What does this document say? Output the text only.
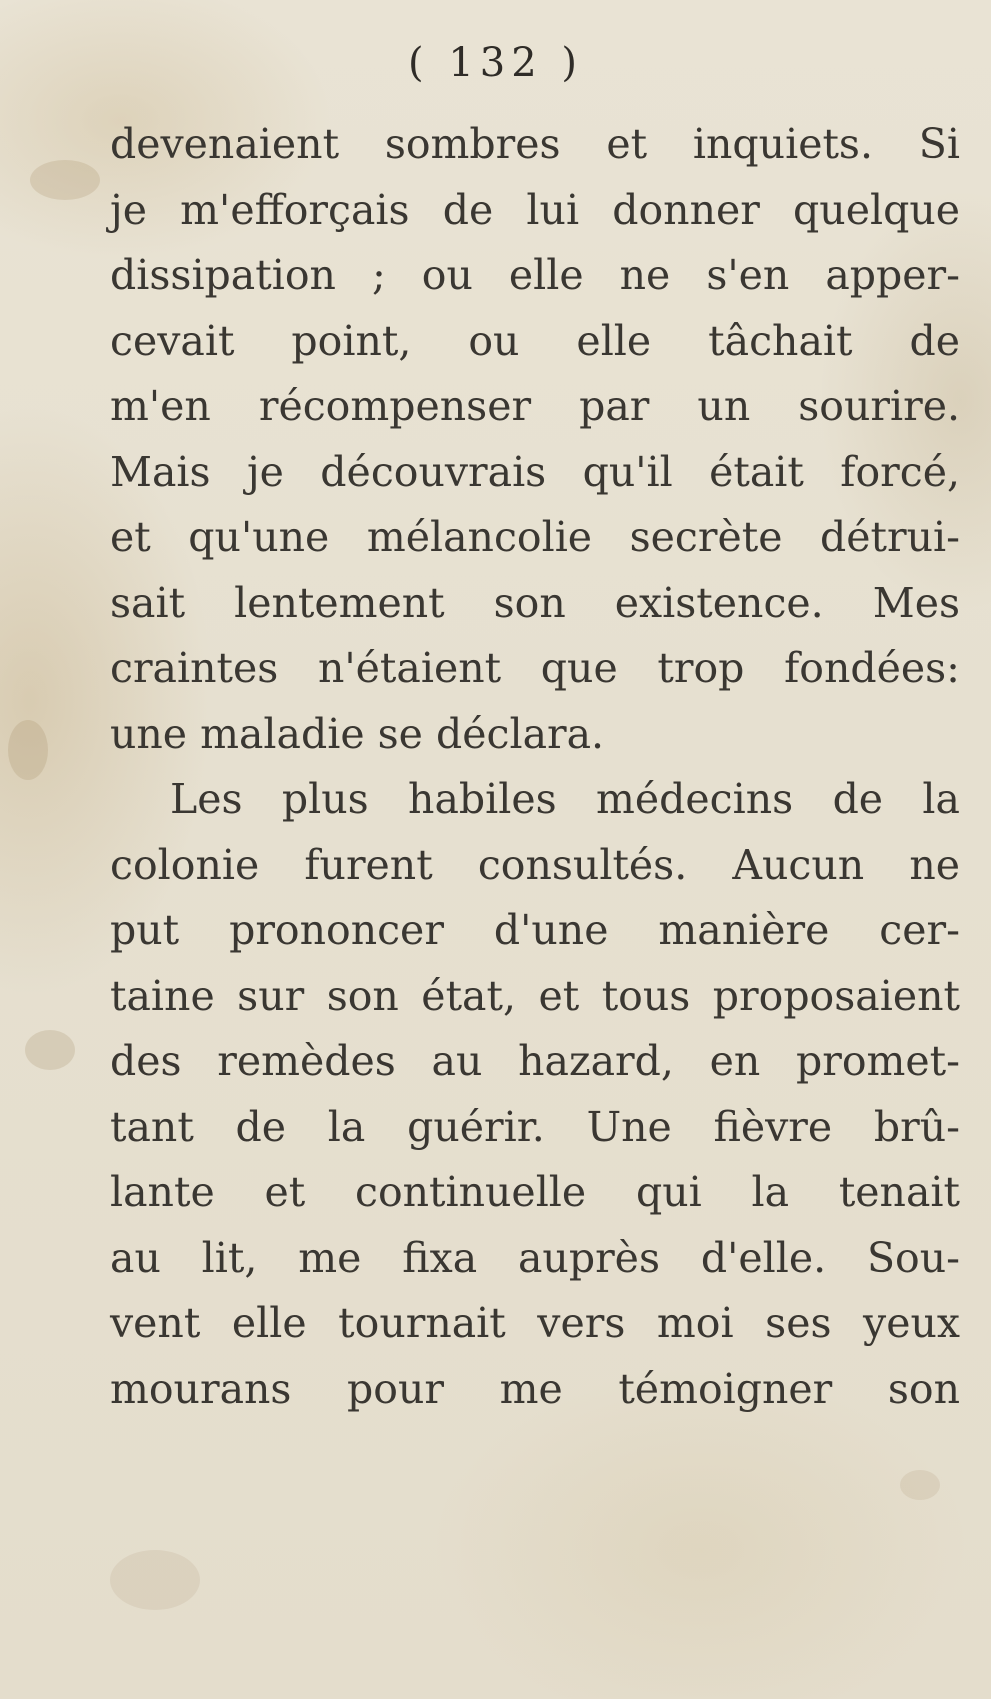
( 132 )
devenaient sombres et inquiets. Si
je m'efforçais de lui donner quelque
dissipation ; ou elle ne s'en apper-
cevait point, ou elle tâchait de
m'en récompenser par un sourire.
Mais je découvrais qu'il était forcé,
et qu'une mélancolie secrète détrui-
sait lentement son existence. Mes
craintes n'étaient que trop fondées:
une maladie se déclara.
Les plus habiles médecins de la
colonie furent consultés. Aucun ne
put prononcer d'une manière cer-
taine sur son état, et tous proposaient
des remèdes au hazard, en promet-
tant de la guérir. Une fièvre brû-
lante et continuelle qui la tenait
au lit, me fixa auprès d'elle. Sou-
vent elle tournait vers moi ses yeux
mourans pour me témoigner son
